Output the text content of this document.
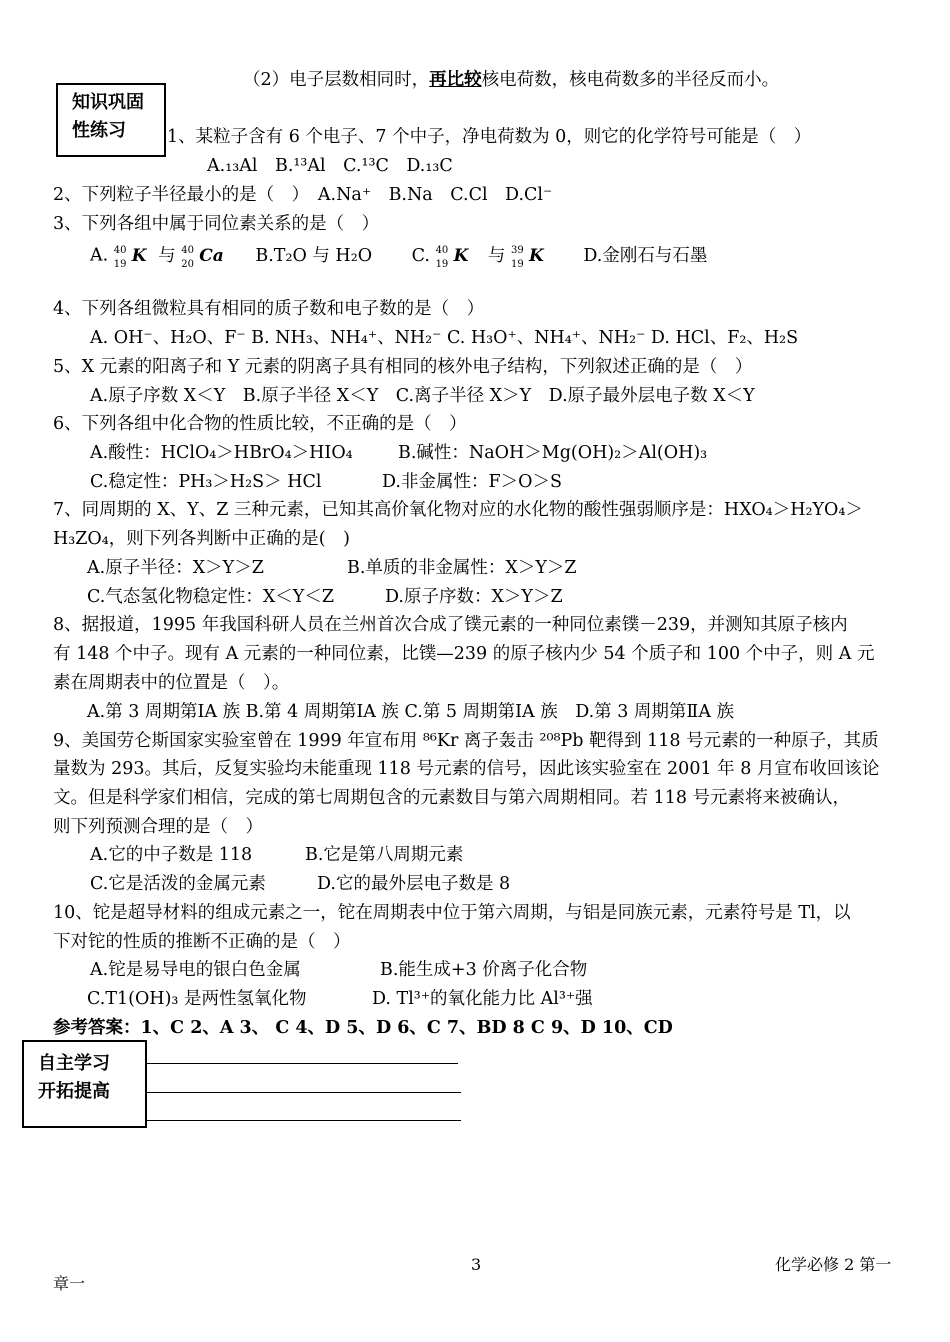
（2）电子层数相同时，再比较核电荷数，核电荷数多的半径反而小。
知识巩固
性练习	1、某粒子含有 6 个电子、7 个中子，净电荷数为 0，则它的化学符号可能是（　）
A.₁₃Al　B.¹³Al　C.¹³C　D.₁₃C
2、下列粒子半径最小的是（　）　A.Na⁺　B.Na　C.Cl　D.Cl⁻
3、下列各组中属于同位素关系的是（　）
A. 40
19 K 与 40
20 Ca B.T₂O 与 H₂O C. 40
19 K 与 39
19 K D.金刚石与石墨
4、下列各组微粒具有相同的质子数和电子数的是（　）
A. OH⁻、H₂O、F⁻ B. NH₃、NH₄⁺、NH₂⁻ C. H₃O⁺、NH₄⁺、NH₂⁻ D. HCl、F₂、H₂S
5、X 元素的阳离子和 Y 元素的阴离子具有相同的核外电子结构，下列叙述正确的是（　）
A.原子序数 X＜Y　B.原子半径 X＜Y　C.离子半径 X＞Y　D.原子最外层电子数 X＜Y
6、下列各组中化合物的性质比较，不正确的是（　）
A.酸性：HClO₄＞HBrO₄＞HIO₄	B.碱性：NaOH＞Mg(OH)₂＞Al(OH)₃
C.稳定性：PH₃＞H₂S＞ HCl	D.非金属性：F＞O＞S
7、同周期的 X、Y、Z 三种元素，已知其高价氧化物对应的水化物的酸性强弱顺序是：HXO₄＞H₂YO₄＞
H₃ZO₄，则下列各判断中正确的是(　)
A.原子半径：X＞Y＞Z	B.单质的非金属性：X＞Y＞Z
C.气态氢化物稳定性：X＜Y＜Z	D.原子序数：X＞Y＞Z
8、据报道，1995 年我国科研人员在兰州首次合成了镤元素的一种同位素镤－239，并测知其原子核内
有 148 个中子。现有 A 元素的一种同位素，比镤—239 的原子核内少 54 个质子和 100 个中子，则 A 元
素在周期表中的位置是（　）。
A.第 3 周期第ⅠA 族 B.第 4 周期第ⅠA 族 C.第 5 周期第ⅠA 族　D.第 3 周期第ⅡA 族
9、美国劳仑斯国家实验室曾在 1999 年宣布用 ⁸⁶Kr 离子轰击 ²⁰⁸Pb 靶得到 118 号元素的一种原子，其质
量数为 293。其后，反复实验均未能重现 118 号元素的信号，因此该实验室在 2001 年 8 月宣布收回该论
文。但是科学家们相信，完成的第七周期包含的元素数目与第六周期相同。若 118 号元素将来被确认，
则下列预测合理的是（　）
A.它的中子数是 118	B.它是第八周期元素
C.它是活泼的金属元素	D.它的最外层电子数是 8
10、铊是超导材料的组成元素之一，铊在周期表中位于第六周期，与铝是同族元素，元素符号是 Tl，以
下对铊的性质的推断不正确的是（　）
A.铊是易导电的银白色金属	B.能生成+3 价离子化合物
C.T1(OH)₃ 是两性氢氧化物	D. Tl³⁺的氧化能力比 Al³⁺强
参考答案：1、C 2、A 3、 C 4、D 5、D 6、C 7、BD 8 C 9、D 10、CD
自主学习
开拓提高
3	化学必修 2 第一
章一
